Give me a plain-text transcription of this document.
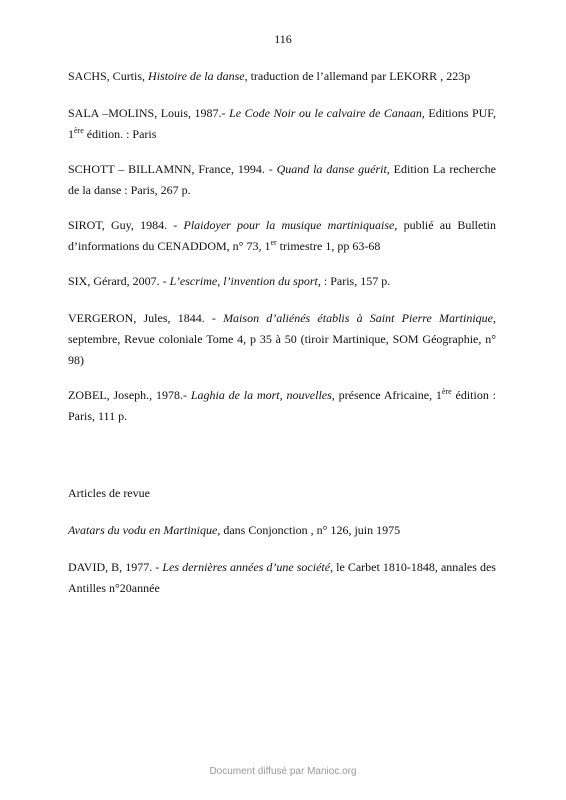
116

SACHS, Curtis, Histoire de la danse, traduction de l’allemand par LEKORR , 223p

SALA –MOLINS, Louis, 1987.- Le Code Noir ou le calvaire de Canaan, Editions PUF, 1ère édition. : Paris

SCHOTT – BILLAMNN, France, 1994. - Quand la danse guérit, Edition La recherche de la danse : Paris, 267 p.

SIROT, Guy, 1984. - Plaidoyer pour la musique martiniquaise, publié au Bulletin d’informations du CENADDOM, n° 73, 1er trimestre 1, pp 63-68

SIX, Gérard, 2007. - L’escrime, l’invention du sport, : Paris, 157 p.

VERGERON, Jules, 1844. - Maison d’aliénés établis à Saint Pierre Martinique, septembre, Revue coloniale Tome 4, p 35 à 50 (tiroir Martinique, SOM Géographie, n° 98)

ZOBEL, Joseph., 1978.- Laghia de la mort, nouvelles, présence Africaine, 1ère édition : Paris, 111 p.

Articles de revue

Avatars du vodu en Martinique, dans Conjonction , n° 126, juin 1975

DAVID, B, 1977. - Les dernières années d’une société, le Carbet 1810-1848, annales des Antilles n°20année

Document diffusé par Manioc.org
